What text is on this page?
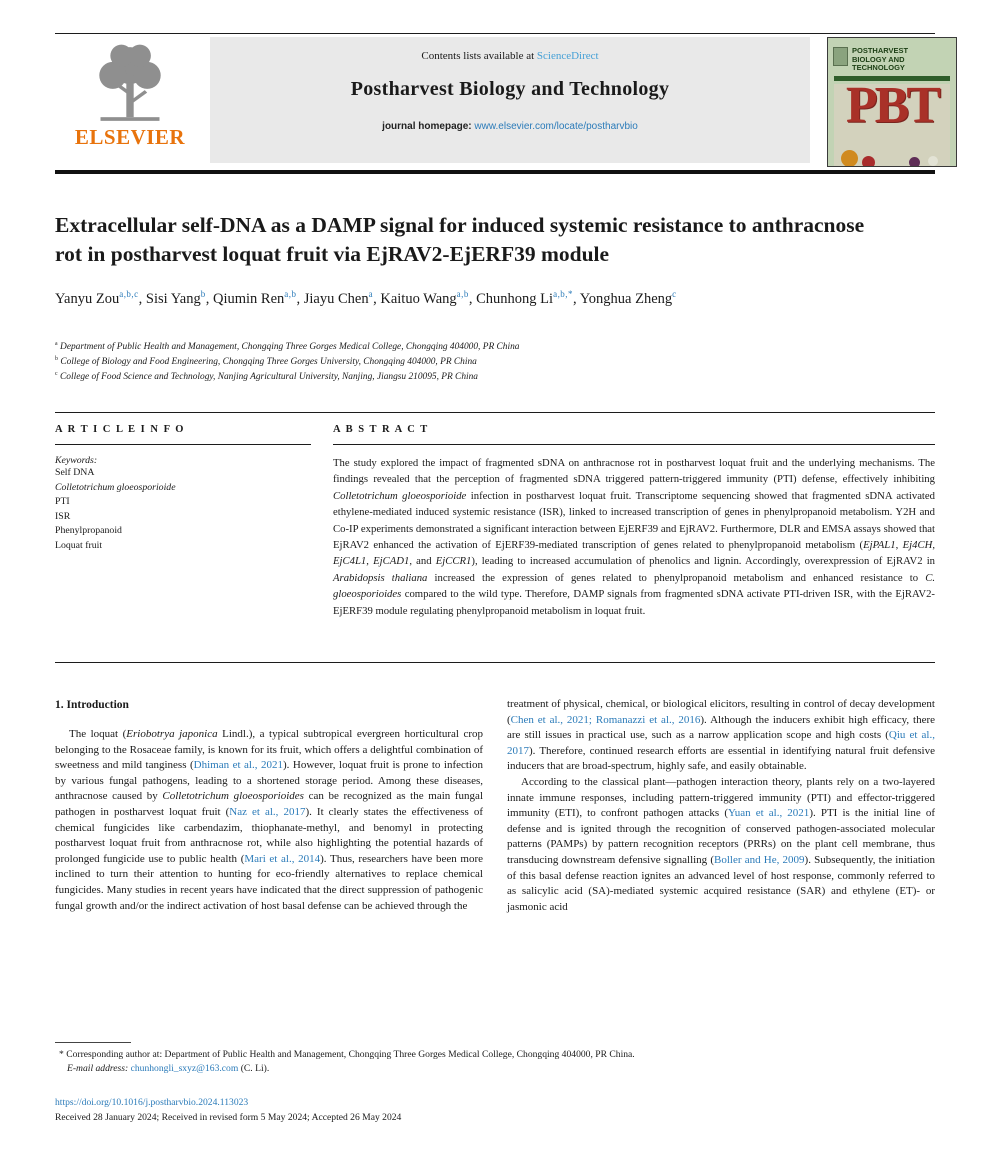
ELSEVIER
Contents lists available at ScienceDirect
Postharvest Biology and Technology
journal homepage: www.elsevier.com/locate/postharvbio
POSTHARVEST BIOLOGY AND TECHNOLOGY
PBT
Extracellular self-DNA as a DAMP signal for induced systemic resistance to anthracnose rot in postharvest loquat fruit via EjRAV2-EjERF39 module
Yanyu Zou$^{a,b,c}$, Sisi Yang$^b$, Qiumin Ren$^{a,b}$, Jiayu Chen$^a$, Kaituo Wang$^{a,b}$, Chunhong $Li^{a,b,*}$, Yonghua Zheng$^c$
$^a$ Department of Public Health and Management, Chongqing Three Gorges Medical College, Chongqing 404000, PR China
$^b$ College of Biology and Food Engineering, Chongqing Three Gorges University, Chongqing 404000, PR China
$^c$ College of Food Science and Technology, Nanjing Agricultural University, Nanjing, Jiangsu 210095, PR China
A R T I C L E I N F O
Keywords:
Self DNA
Colletotrichum gloeosporioide
PTI
ISR
Phenylpropanoid
Loquat fruit
A B S T R A C T
The study explored the impact of fragmented sDNA on anthracnose rot in postharvest loquat fruit and the underlying mechanisms. The findings revealed that the perception of fragmented sDNA triggered pattern-triggered immunity (PTI) defense, effectively inhibiting Colletotrichum gloeosporioide infection in postharvest loquat fruit. Transcriptome sequencing showed that fragmented sDNA activated ethylene-mediated induced systemic resistance (ISR), linked to increased transcription of genes in phenylpropanoid metabolism. Y2H and Co-IP experiments demonstrated a significant interaction between EjERF39 and EjRAV2. Furthermore, DLR and EMSA assays showed that EjRAV2 enhanced the activation of EjERF39-mediated transcription of genes related to phenylpropanoid metabolism (EjPAL1, Ej4CH, EjC4L1, EjCAD1, and EjCCR1), leading to increased accumulation of phenolics and lignin. Accordingly, overexpression of EjRAV2 in Arabidopsis thaliana increased the expression of genes related to phenylpropanoid metabolism and enhanced resistance to C. gloeosporioides compared to the wild type. Therefore, DAMP signals from fragmented sDNA activate PTI-driven ISR, with the EjRAV2-EjERF39 module regulating phenylpropanoid metabolism in loquat fruit.
1. Introduction

The loquat (Eriobotrya japonica Lindl.), a typical subtropical evergreen horticultural crop belonging to the Rosaceae family, is known for its fruit, which offers a delightful combination of sweetness and mild tanginess (Dhiman et al., 2021). However, loquat fruit is prone to infection by various fungal pathogens, leading to a shortened storage period. Among these diseases, anthracnose caused by Colletotrichum gloeosporioides can be recognized as the main fungal pathogen in postharvest loquat fruit (Naz et al., 2017). It clearly states the effectiveness of chemical fungicides like carbendazim, thiophanate-methyl, and benomyl in protecting postharvest loquat fruit from anthracnose rot, while also highlighting the potential hazards of prolonged fungicide use to public health (Mari et al., 2014). Thus, researchers have been more inclined to turn their attention to hunting for eco-friendly alternatives to replace chemical fungicides. Many studies in recent years have indicated that the direct suppression of pathogenic fungal growth and/or the indirect activation of host basal defense can be achieved through the

treatment of physical, chemical, or biological elicitors, resulting in control of decay development (Chen et al., 2021; Romanazzi et al., 2016). Although the inducers exhibit high efficacy, there are still issues in practical use, such as a narrow application scope and high costs (Qiu et al., 2017). Therefore, continued research efforts are essential in identifying natural fruit defensive inducers that are broad-spectrum, highly safe, and easily obtainable.

According to the classical plant—pathogen interaction theory, plants rely on a two-layered innate immune responses, including pattern-triggered immunity (PTI) and effector-triggered immunity (ETI), to confront pathogen attacks (Yuan et al., 2021). PTI is the initial line of defense and is ignited through the recognition of conserved pathogen-associated molecular patterns (PAMPs) by pattern recognition receptors (PRRs) on the plant cell membrane, thus transducing downstream defensive signalling (Boller and He, 2009). Subsequently, the initiation of this basal defense reaction ignites an advanced level of host response, commonly referred to as salicylic acid (SA)-mediated systemic acquired resistance (SAR) and ethylene (ET)- or jasmonic acid

* Corresponding author at: Department of Public Health and Management, Chongqing Three Gorges Medical College, Chongqing 404000, PR China.
E-mail address: chunhongli_sxyz@163.com (C. Li).
https://doi.org/10.1016/j.postharvbio.2024.113023
Received 28 January 2024; Received in revised form 5 May 2024; Accepted 26 May 2024
